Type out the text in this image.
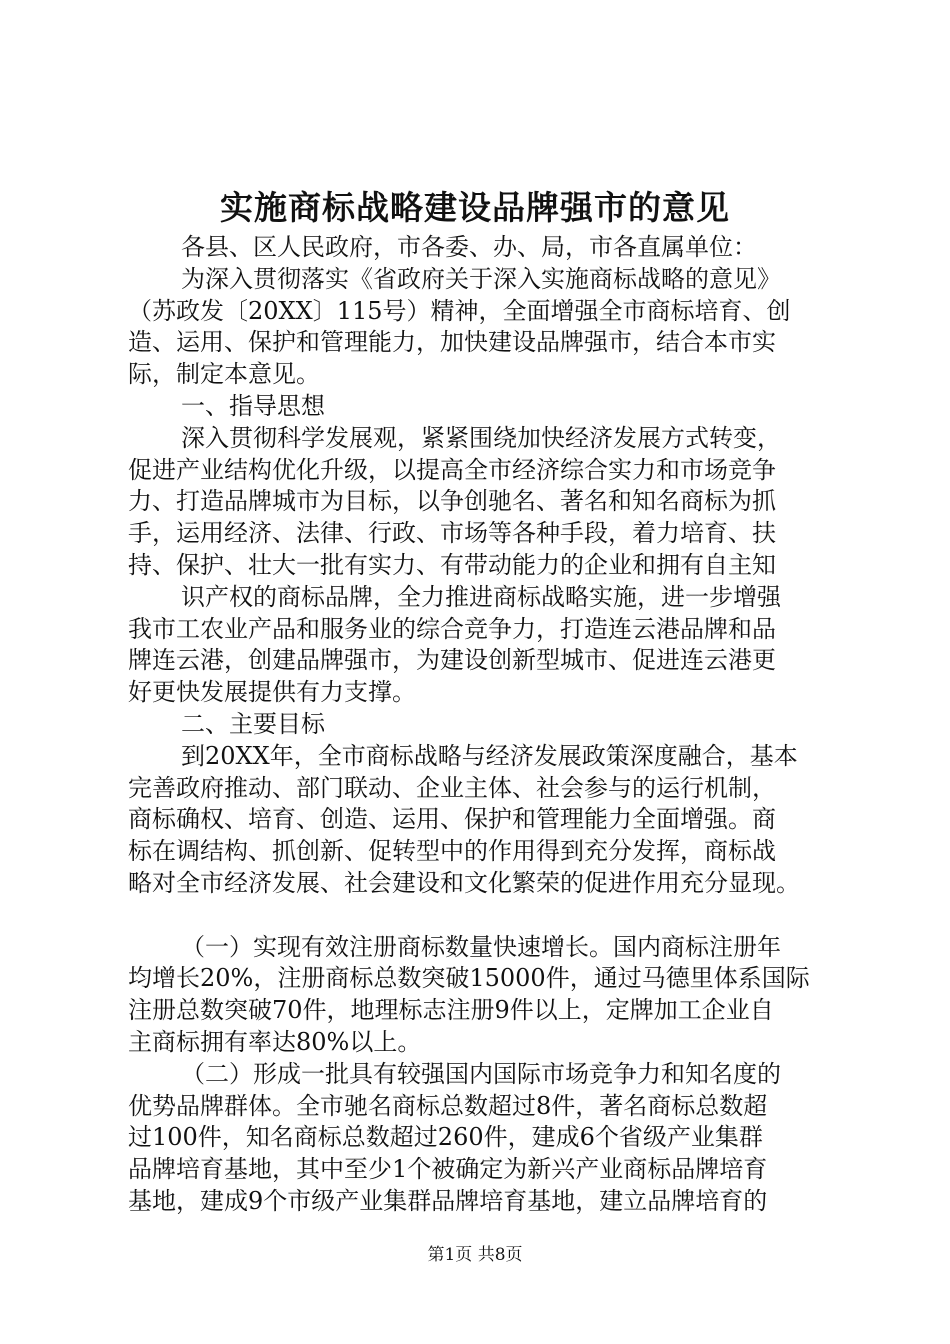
实施商标战略建设品牌强市的意见
各县、区人民政府，市各委、办、局，市各直属单位：
为深入贯彻落实《省政府关于深入实施商标战略的意见》
（苏政发〔20XX〕115号）精神，全面增强全市商标培育、创
造、运用、保护和管理能力，加快建设品牌强市，结合本市实
际，制定本意见。
一、指导思想
深入贯彻科学发展观，紧紧围绕加快经济发展方式转变，
促进产业结构优化升级，以提高全市经济综合实力和市场竞争
力、打造品牌城市为目标，以争创驰名、著名和知名商标为抓
手，运用经济、法律、行政、市场等各种手段，着力培育、扶
持、保护、壮大一批有实力、有带动能力的企业和拥有自主知
识产权的商标品牌，全力推进商标战略实施，进一步增强
我市工农业产品和服务业的综合竞争力，打造连云港品牌和品
牌连云港，创建品牌强市，为建设创新型城市、促进连云港更
好更快发展提供有力支撑。
二、主要目标
到20XX年，全市商标战略与经济发展政策深度融合，基本
完善政府推动、部门联动、企业主体、社会参与的运行机制，
商标确权、培育、创造、运用、保护和管理能力全面增强。商
标在调结构、抓创新、促转型中的作用得到充分发挥，商标战
略对全市经济发展、社会建设和文化繁荣的促进作用充分显现。
（一）实现有效注册商标数量快速增长。国内商标注册年
均增长20%，注册商标总数突破15000件，通过马德里体系国际
注册总数突破70件，地理标志注册9件以上，定牌加工企业自
主商标拥有率达80%以上。
（二）形成一批具有较强国内国际市场竞争力和知名度的
优势品牌群体。全市驰名商标总数超过8件，著名商标总数超
过100件，知名商标总数超过260件，建成6个省级产业集群
品牌培育基地，其中至少1个被确定为新兴产业商标品牌培育
基地，建成9个市级产业集群品牌培育基地，建立品牌培育的
第1页 共8页
